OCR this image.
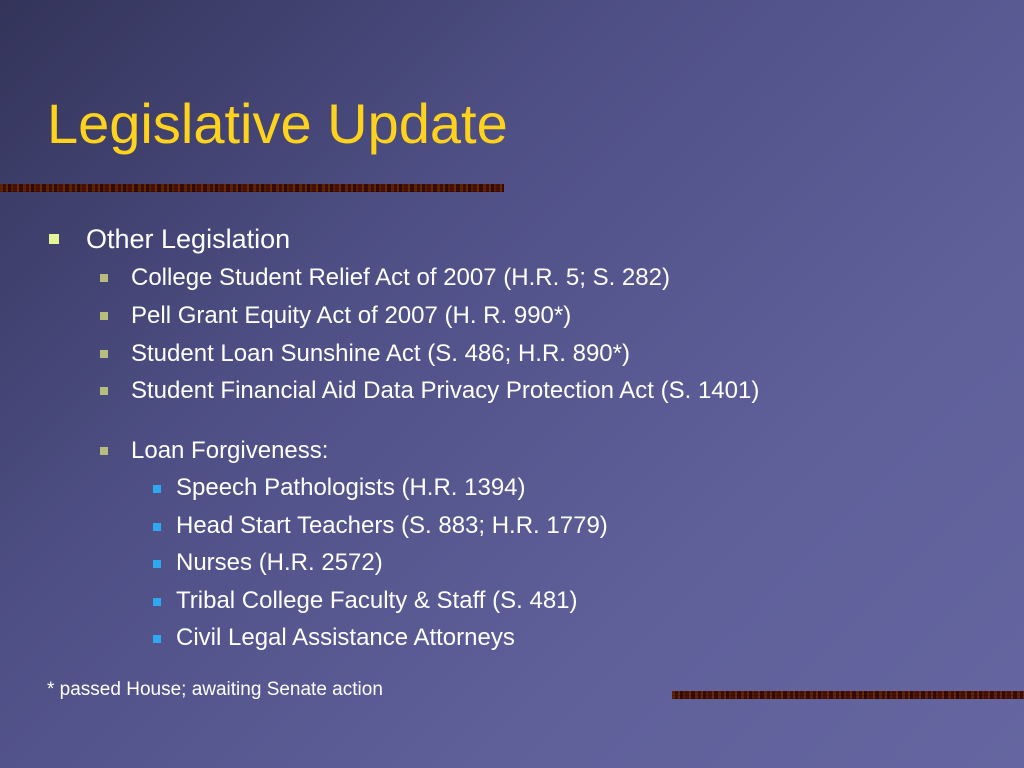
Legislative Update
Other Legislation
College Student Relief Act of 2007 (H.R. 5; S. 282)
Pell Grant Equity Act of 2007 (H. R. 990*)
Student Loan Sunshine Act (S. 486; H.R. 890*)
Student Financial Aid Data Privacy Protection Act (S. 1401)
Loan Forgiveness:
Speech Pathologists (H.R. 1394)
Head Start Teachers (S. 883; H.R. 1779)
Nurses (H.R. 2572)
Tribal College Faculty & Staff (S. 481)
Civil Legal Assistance Attorneys
* passed House; awaiting Senate action
